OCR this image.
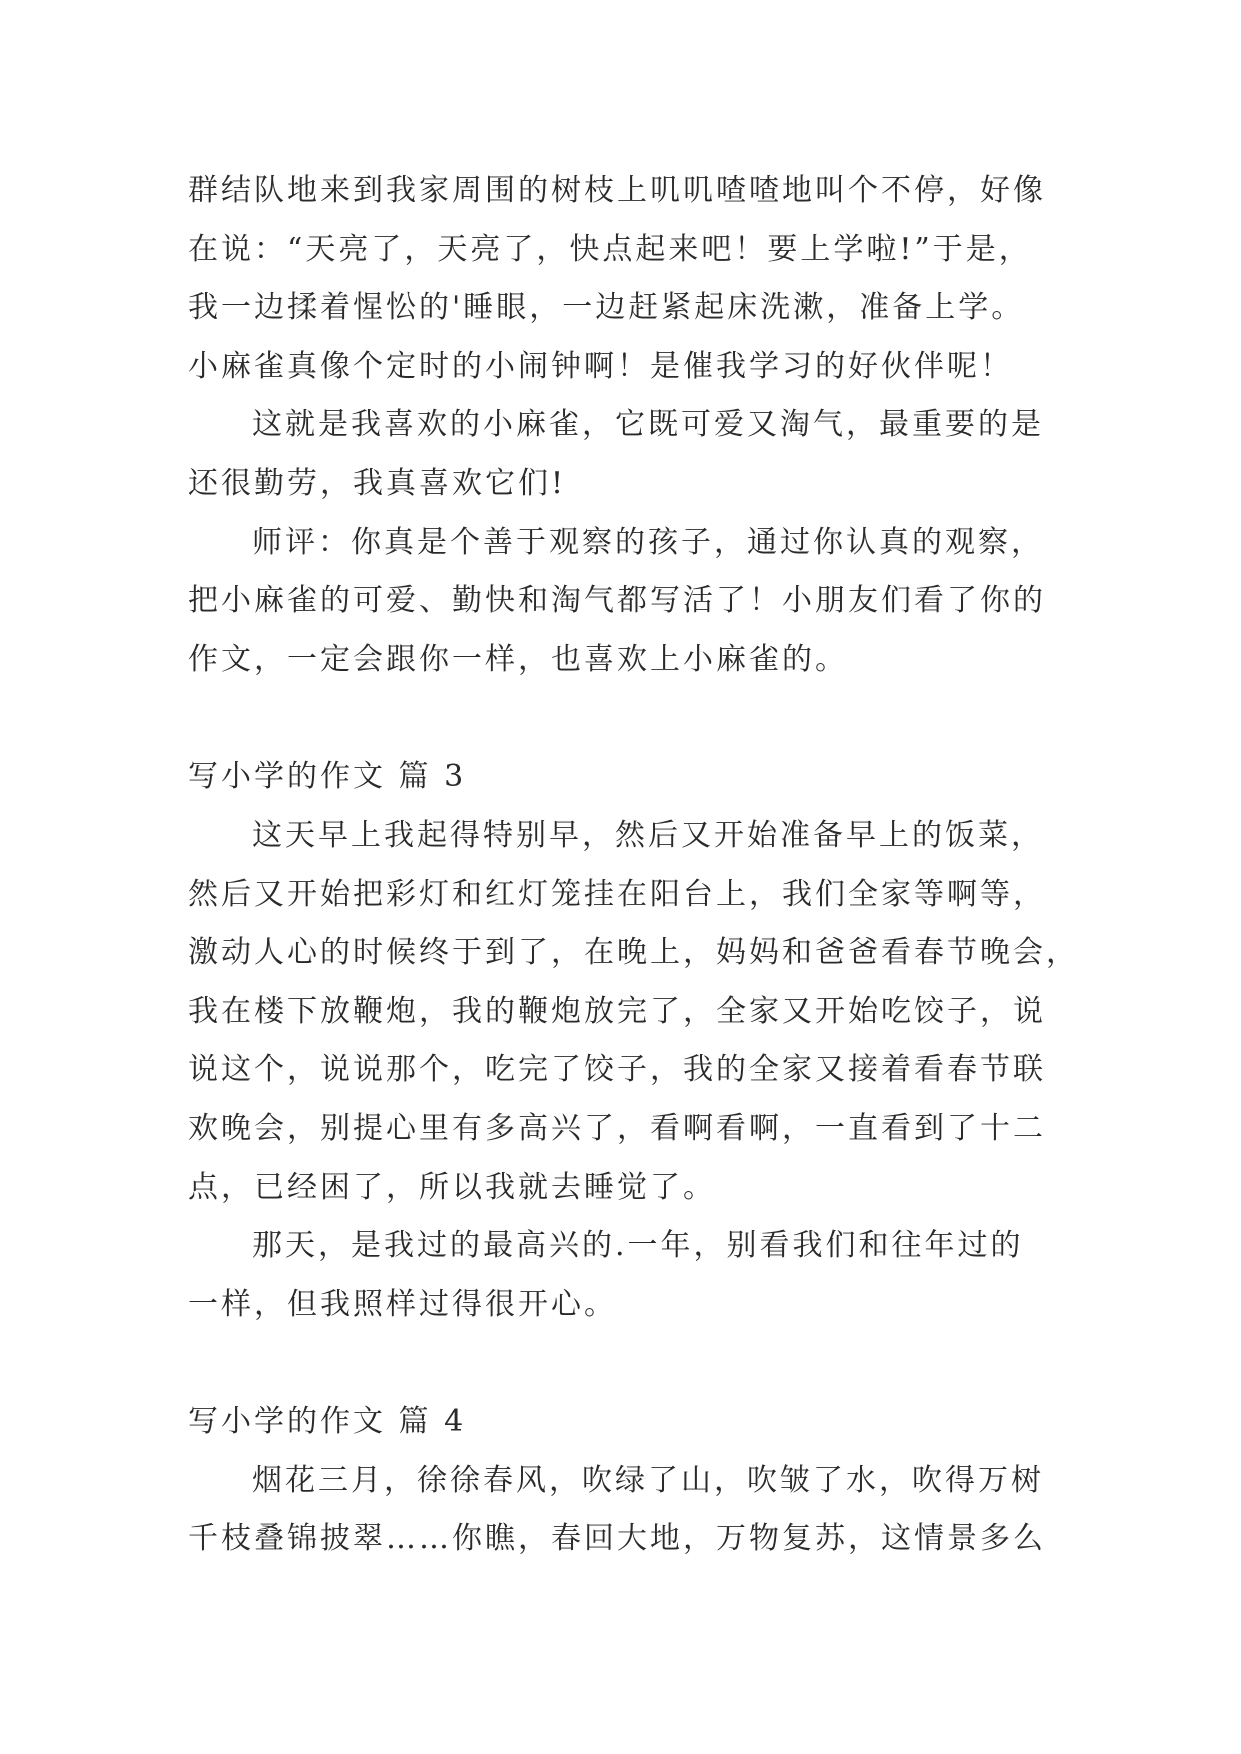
群结队地来到我家周围的树枝上叽叽喳喳地叫个不停，好像
在说：“天亮了，天亮了，快点起来吧！要上学啦!”于是，
我一边揉着惺忪的'睡眼，一边赶紧起床洗漱，准备上学。
小麻雀真像个定时的小闹钟啊！是催我学习的好伙伴呢！

这就是我喜欢的小麻雀，它既可爱又淘气，最重要的是
还很勤劳，我真喜欢它们!

师评：你真是个善于观察的孩子，通过你认真的观察，
把小麻雀的可爱、勤快和淘气都写活了！小朋友们看了你的
作文，一定会跟你一样，也喜欢上小麻雀的。

写小学的作文 篇 3

这天早上我起得特别早，然后又开始准备早上的饭菜，
然后又开始把彩灯和红灯笼挂在阳台上，我们全家等啊等，
激动人心的时候终于到了，在晚上，妈妈和爸爸看春节晚会，
我在楼下放鞭炮，我的鞭炮放完了，全家又开始吃饺子，说
说这个，说说那个，吃完了饺子，我的全家又接着看春节联
欢晚会，别提心里有多高兴了，看啊看啊，一直看到了十二
点，已经困了，所以我就去睡觉了。

那天，是我过的最高兴的.一年，别看我们和往年过的
一样，但我照样过得很开心。

写小学的作文 篇 4

烟花三月，徐徐春风，吹绿了山，吹皱了水，吹得万树
千枝叠锦披翠……你瞧，春回大地，万物复苏，这情景多么
